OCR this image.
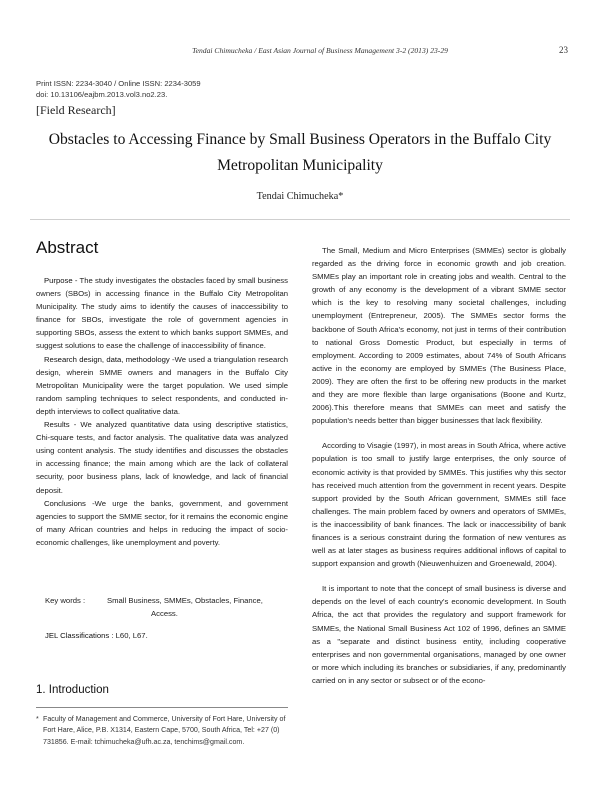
Tendai Chimucheka / East Asian Journal of Business Management 3-2 (2013) 23-29	23
Print ISSN: 2234-3040 / Online ISSN: 2234-3059
doi: 10.13106/eajbm.2013.vol3.no2.23.
[Field Research]
Obstacles to Accessing Finance by Small Business Operators in the Buffalo City
Metropolitan Municipality
Tendai Chimucheka*
Abstract

Purpose - The study investigates the obstacles faced by small business owners (SBOs) in accessing finance in the Buffalo City Metropolitan Municipality. The study aims to identify the causes of inaccessibility to finance for SBOs, investigate the role of government agencies in supporting SBOs, assess the extent to which banks support SMMEs, and suggest solutions to ease the challenge of inaccessibility of finance.

Research design, data, methodology -We used a triangulation research design, wherein SMME owners and managers in the Buffalo City Metropolitan Municipality were the target population. We used simple random sampling techniques to select respondents, and conducted in-depth interviews to collect qualitative data.

Results - We analyzed quantitative data using descriptive statistics, Chi-square tests, and factor analysis. The qualitative data was analyzed using content analysis. The study identifies and discusses the obstacles in accessing finance; the main among which are the lack of collateral security, poor business plans, lack of knowledge, and lack of financial deposit.

Conclusions -We urge the banks, government, and government agencies to support the SMME sector, for it remains the economic engine of many African countries and helps in reducing the impact of socio-economic challenges, like unemployment and poverty.

Key words :	Small Business, SMMEs, Obstacles, Finance,
Access.
JEL Classifications : L60, L67.
1. Introduction
* Faculty of Management and Commerce, University of Fort Hare, University of Fort Hare, Alice, P.B. X1314, Eastern Cape, 5700, South Africa, Tel: +27 (0) 731856. E-mail: tchimucheka@ufh.ac.za, tenchims@gmail.com.

The Small, Medium and Micro Enterprises (SMMEs) sector is globally regarded as the driving force in economic growth and job creation. SMMEs play an important role in creating jobs and wealth. Central to the growth of any economy is the development of a vibrant SMME sector which is the key to resolving many societal challenges, including unemployment (Entrepreneur, 2005). The SMMEs sector forms the backbone of South Africa's economy, not just in terms of their contribution to national Gross Domestic Product, but especially in terms of employment. According to 2009 estimates, about 74% of South Africans active in the economy are employed by SMMEs (The Business Place, 2009). They are often the first to be offering new products in the market and they are more flexible than large organisations (Boone and Kurtz, 2006).This therefore means that SMMEs can meet and satisfy the population's needs better than bigger businesses that lack flexibility.

According to Visagie (1997), in most areas in South Africa, where active population is too small to justify large enterprises, the only source of economic activity is that provided by SMMEs. This justifies why this sector has received much attention from the government in recent years. Despite support provided by the South African government, SMMEs still face challenges. The main problem faced by owners and operators of SMMEs, is the inaccessibility of bank finances. The lack or inaccessibility of bank finances is a serious constraint during the formation of new ventures as well as at later stages as business requires additional inflows of capital to support expansion and growth (Nieuwenhuizen and Groenewald, 2004).

It is important to note that the concept of small business is diverse and depends on the level of each country's economic development. In South Africa, the act that provides the regulatory and support framework for SMMEs, the National Small Business Act 102 of 1996, defines an SMME as a "separate and distinct business entity, including cooperative enterprises and non governmental organisations, managed by one owner or more which including its branches or subsidiaries, if any, predominantly carried on in any sector or subsect or of the econo-
